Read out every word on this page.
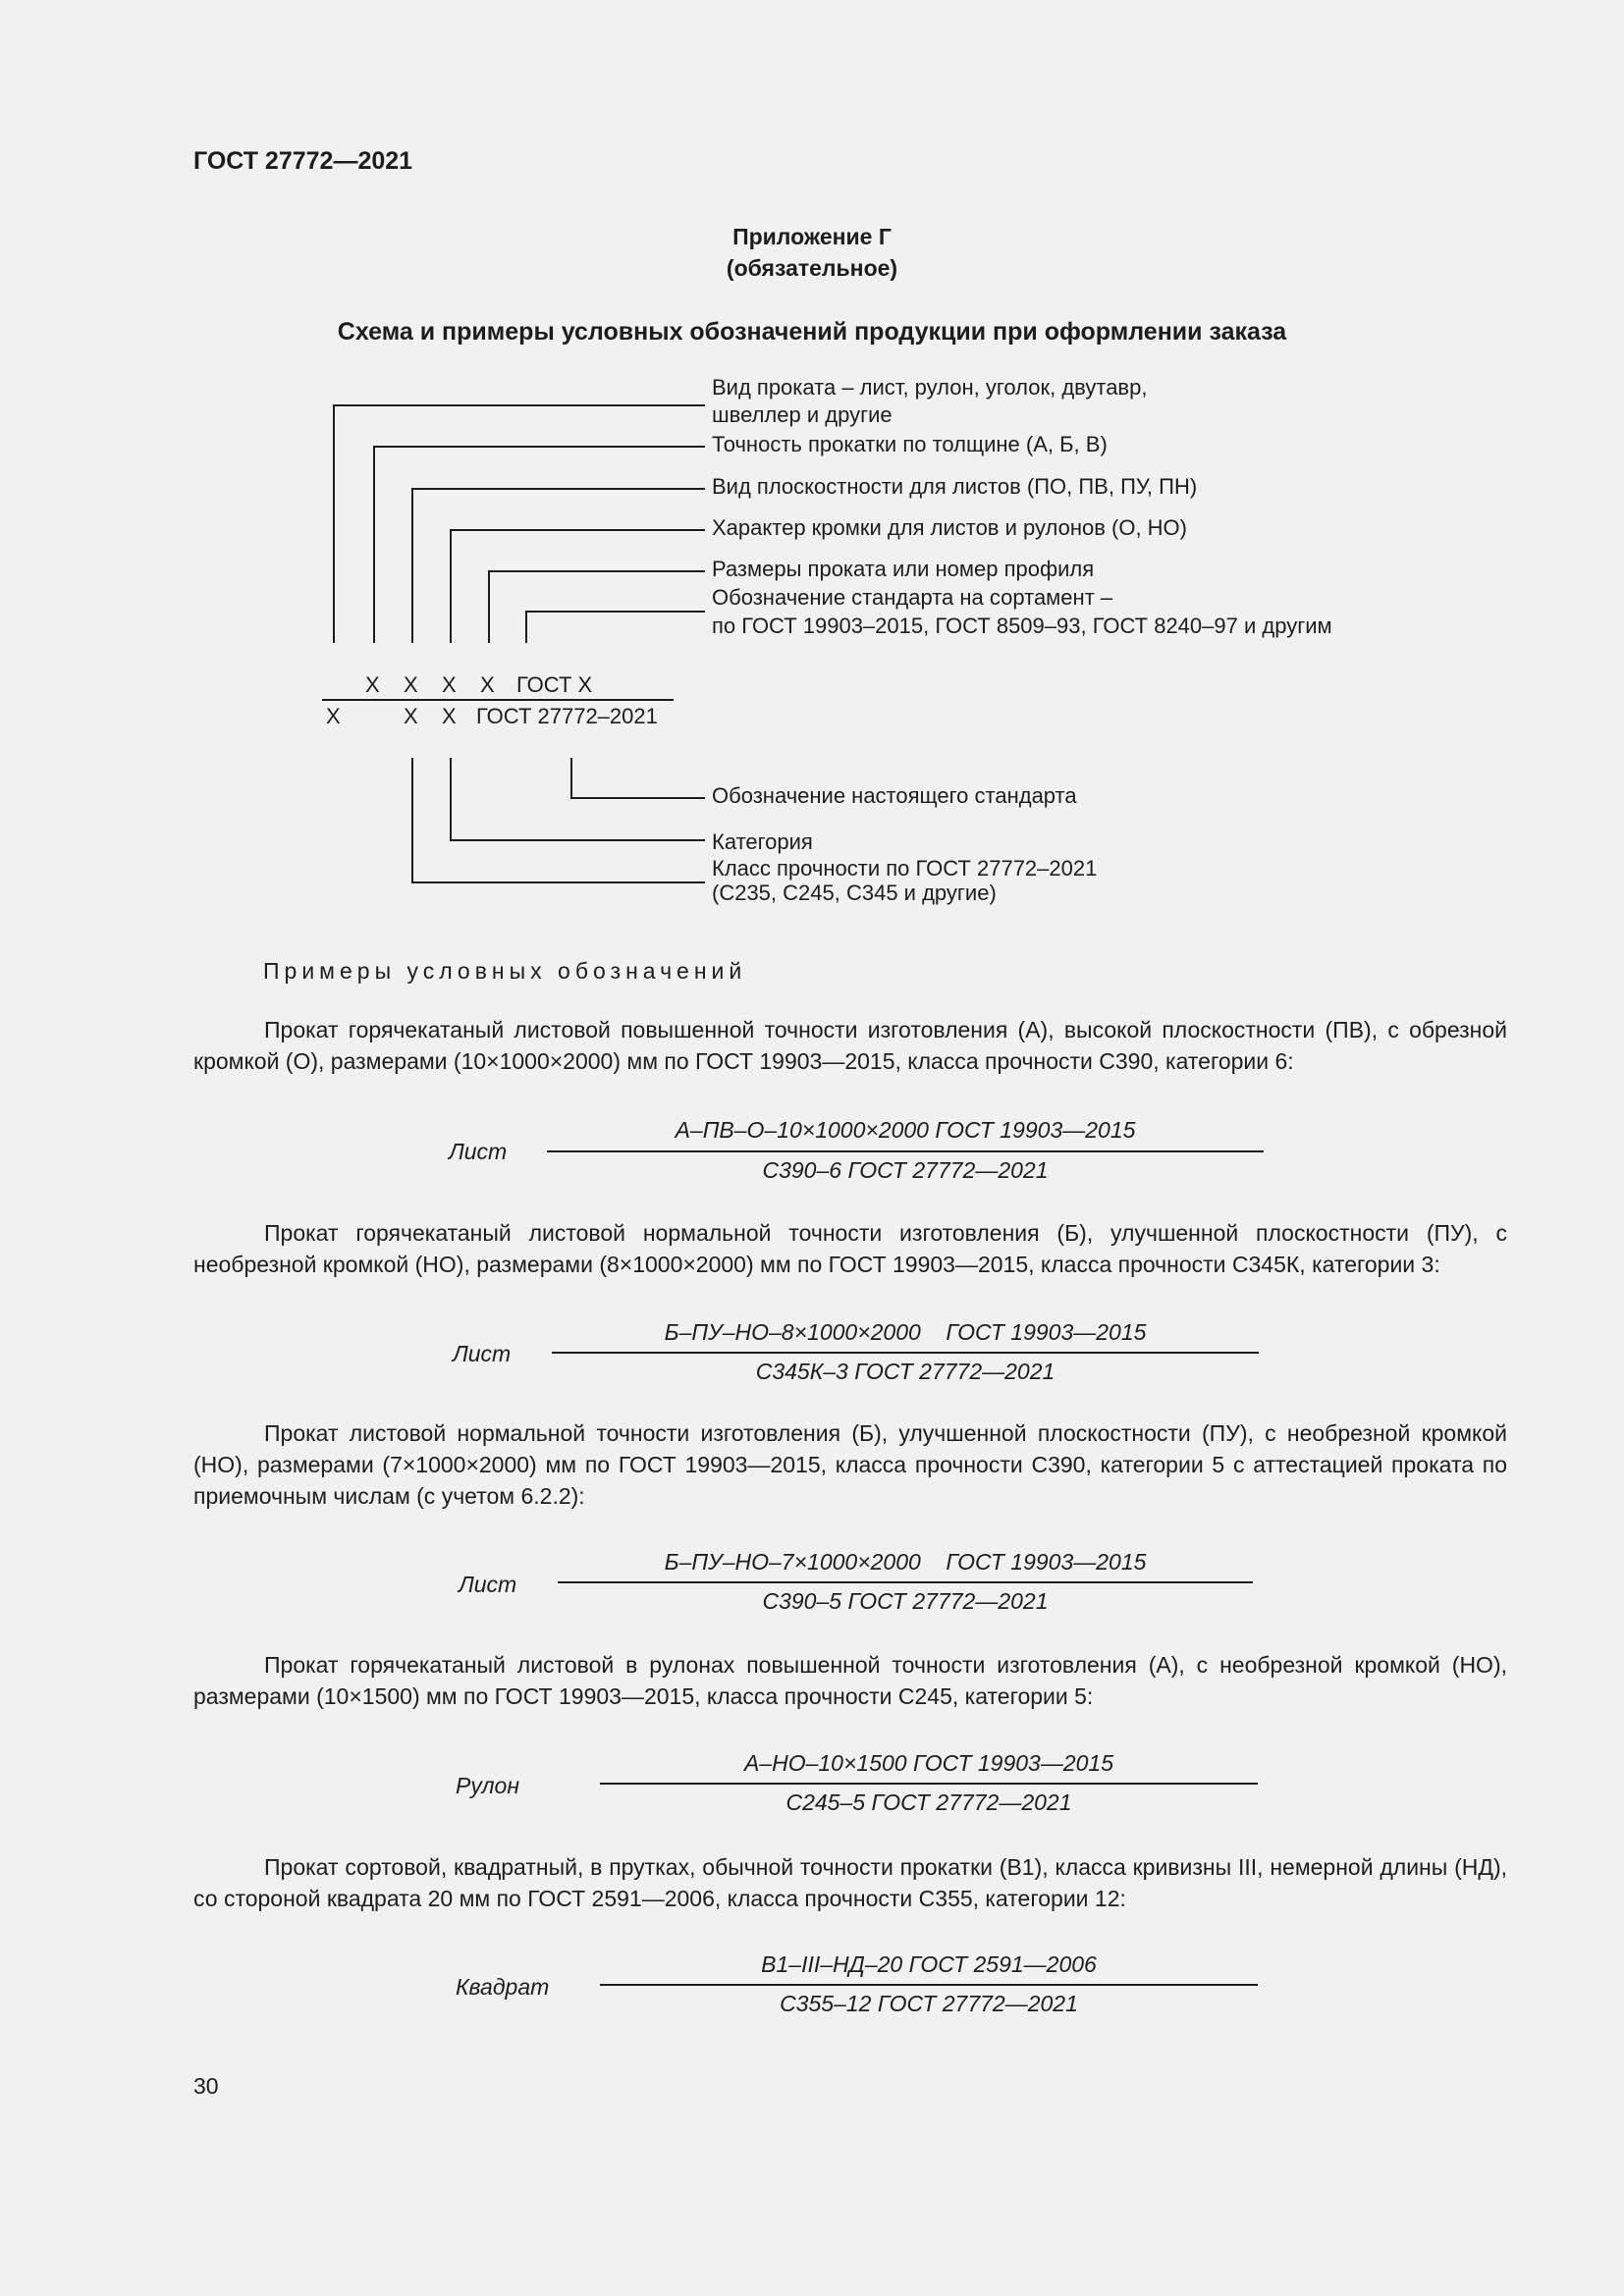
ГОСТ 27772—2021
Приложение Г
(обязательное)
Схема и примеры условных обозначений продукции при оформлении заказа
Вид проката – лист, рулон, уголок, двутавр,
швеллер и другие
Точность прокатки по толщине (А, Б, В)
Вид плоскостности для листов (ПО, ПВ, ПУ, ПН)
Характер кромки для листов и рулонов (О, НО)
Размеры проката или номер профиля
Обозначение стандарта на сортамент –
по ГОСТ 19903–2015, ГОСТ 8509–93, ГОСТ 8240–97 и другим
Х Х Х Х ГОСТ Х
Х	Х Х ГОСТ 27772–2021
Обозначение настоящего стандарта
Категория
Класс прочности по ГОСТ 27772–2021
(С235, С245, С345 и другие)
Примеры условных обозначений

Прокат горячекатаный листовой повышенной точности изготовления (А), высокой плоскостности (ПВ), с обрезной кромкой (О), размерами (10×1000×2000) мм по ГОСТ 19903—2015, класса прочности С390, категории 6:

Лист
А–ПВ–О–10×1000×2000 ГОСТ 19903—2015
С390–6 ГОСТ 27772—2021

Прокат горячекатаный листовой нормальной точности изготовления (Б), улучшенной плоскостности (ПУ), с необрезной кромкой (НО), размерами (8×1000×2000) мм по ГОСТ 19903—2015, класса прочности С345К, категории 3:

Лист
Б–ПУ–НО–8×1000×2000    ГОСТ 19903—2015
С345К–3 ГОСТ 27772—2021

Прокат листовой нормальной точности изготовления (Б), улучшенной плоскостности (ПУ), с необрезной кромкой (НО), размерами (7×1000×2000) мм по ГОСТ 19903—2015, класса прочности С390, категории 5 с аттестацией проката по приемочным числам (с учетом 6.2.2):

Лист
Б–ПУ–НО–7×1000×2000    ГОСТ 19903—2015
С390–5 ГОСТ 27772—2021

Прокат горячекатаный листовой в рулонах повышенной точности изготовления (А), с необрезной кромкой (НО), размерами (10×1500) мм по ГОСТ 19903—2015, класса прочности С245, категории 5:

Рулон
А–НО–10×1500 ГОСТ 19903—2015
С245–5 ГОСТ 27772—2021

Прокат сортовой, квадратный, в прутках, обычной точности прокатки (В1), класса кривизны III, немерной длины (НД), со стороной квадрата 20 мм по ГОСТ 2591—2006, класса прочности С355, категории 12:

Квадрат
В1–III–НД–20 ГОСТ 2591—2006
С355–12 ГОСТ 27772—2021
30
